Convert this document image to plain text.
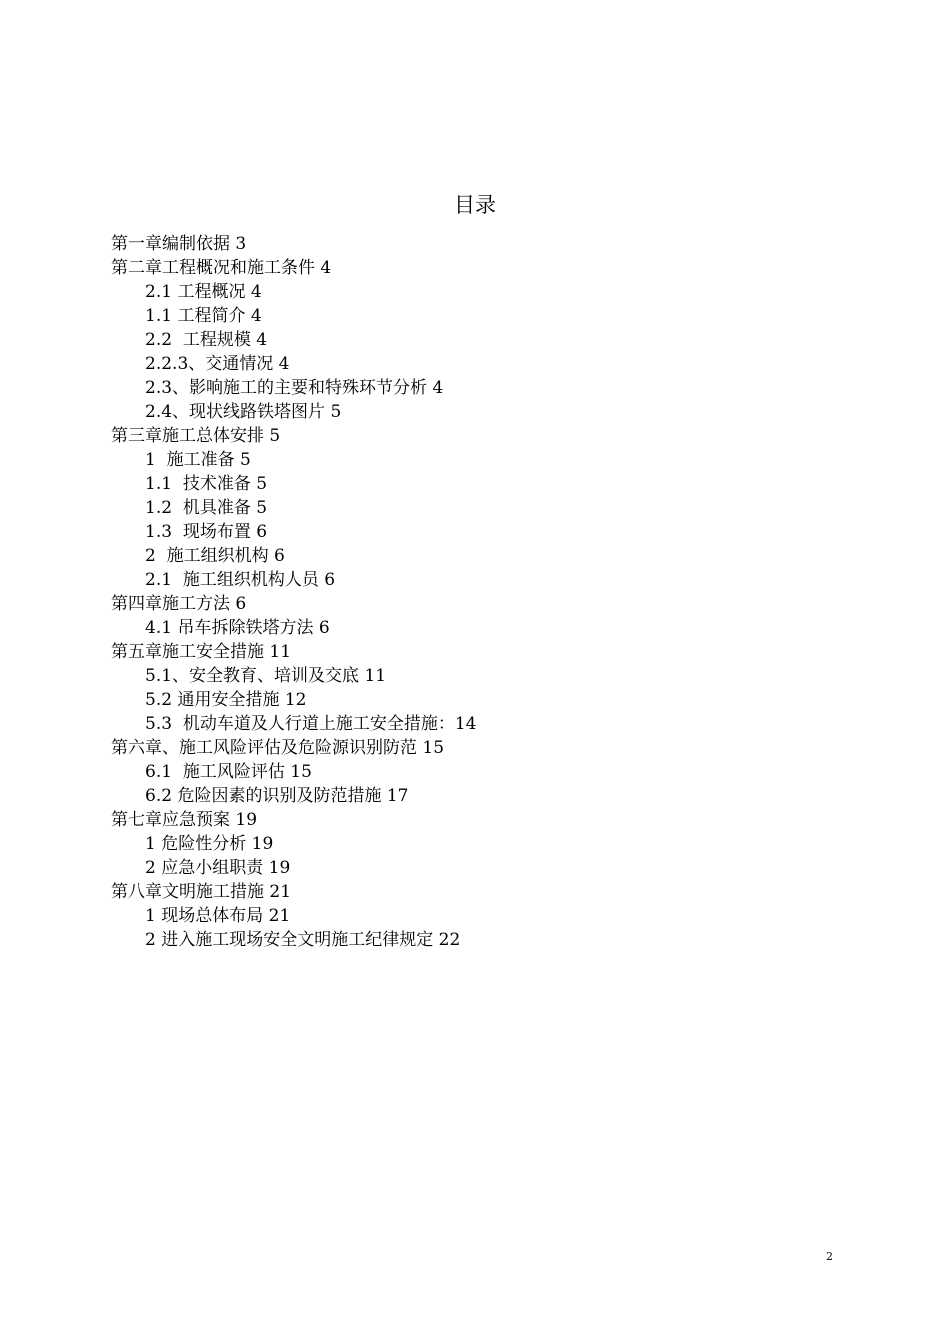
目录
第一章编制依据 3
第二章工程概况和施工条件 4
2.1 工程概况 4
1.1 工程简介 4
2.2  工程规模 4
2.2.3、交通情况 4
2.3、影响施工的主要和特殊环节分析 4
2.4、现状线路铁塔图片 5
第三章施工总体安排 5
1  施工准备 5
1.1  技术准备 5
1.2  机具准备 5
1.3  现场布置 6
2  施工组织机构 6
2.1  施工组织机构人员 6
第四章施工方法 6
4.1 吊车拆除铁塔方法 6
第五章施工安全措施 11
5.1、安全教育、培训及交底 11
5.2 通用安全措施 12
5.3  机动车道及人行道上施工安全措施：14
第六章、施工风险评估及危险源识别防范 15
6.1  施工风险评估 15
6.2 危险因素的识别及防范措施 17
第七章应急预案 19
1 危险性分析 19
2 应急小组职责 19
第八章文明施工措施 21
1 现场总体布局 21
2 进入施工现场安全文明施工纪律规定 22
2
